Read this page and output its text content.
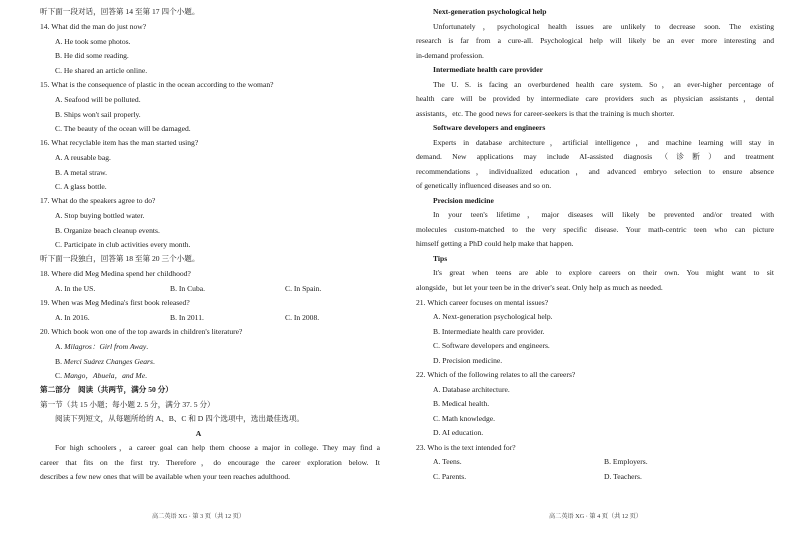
听下面一段对话，回答第 14 至第 17 四个小题。
14. What did the man do just now?
A. He took some photos.
B. He did some reading.
C. He shared an article online.
15. What is the consequence of plastic in the ocean according to the woman?
A. Seafood will be polluted.
B. Ships won't sail properly.
C. The beauty of the ocean will be damaged.
16. What recyclable item has the man started using?
A. A reusable bag.
B. A metal straw.
C. A glass bottle.
17. What do the speakers agree to do?
A. Stop buying bottled water.
B. Organize beach cleanup events.
C. Participate in club activities every month.
听下面一段独白，回答第 18 至第 20 三个小题。
18. Where did Meg Medina spend her childhood?
A. In the US.	B. In Cuba.	C. In Spain.
19. When was Meg Medina's first book released?
A. In 2016.	B. In 2011.	C. In 2008.
20. Which book won one of the top awards in children's literature?
A. Milagros：Girl from Away.
B. Merci Suárez Changes Gears.
C. Mango，Abuela，and Me.
第二部分　阅读（共两节，满分 50 分）
第一节（共 15 小题；每小题 2. 5 分，满分 37. 5 分）
阅读下列短文，从每题所给的 A、B、C 和 D 四个选项中，选出最佳选项。
A
For high schoolers，a career goal can help them choose a major in college. They may find a
career that fits on the first try. Therefore，do encourage the career exploration below. It
describes a few new ones that will be available when your teen reaches adulthood.
高二英语 XG · 第 3 页（共 12 页）
Next-generation psychological help
Unfortunately，psychological health issues are unlikely to decrease soon. The existing
research is far from a cure-all. Psychological help will likely be an ever more interesting and
in-demand profession.
Intermediate health care provider
The U. S. is facing an overburdened health care system. So，an ever-higher percentage of
health care will be provided by intermediate care providers such as physician assistants，dental
assistants，etc. The good news for career-seekers is that the training is much shorter.
Software developers and engineers
Experts in database architecture，artificial intelligence，and machine learning will stay in
demand. New applications may include AI-assisted diagnosis（诊断）and treatment
recommendations，individualized education，and advanced embryo selection to ensure absence
of genetically influenced diseases and so on.
Precision medicine
In your teen's lifetime，major diseases will likely be prevented and/or treated with
molecules custom-matched to the very specific disease. Your math-centric teen who can picture
himself getting a PhD could help make that happen.
Tips
It's great when teens are able to explore careers on their own. You might want to sit
alongside，but let your teen be in the driver's seat. Only help as much as needed.
21. Which career focuses on mental issues?
A. Next-generation psychological help.
B. Intermediate health care provider.
C. Software developers and engineers.
D. Precision medicine.
22. Which of the following relates to all the careers?
A. Database architecture.
B. Medical health.
C. Math knowledge.
D. AI education.
23. Who is the text intended for?
A. Teens.	B. Employers.
C. Parents.	D. Teachers.
高二英语 XG · 第 4 页（共 12 页）
